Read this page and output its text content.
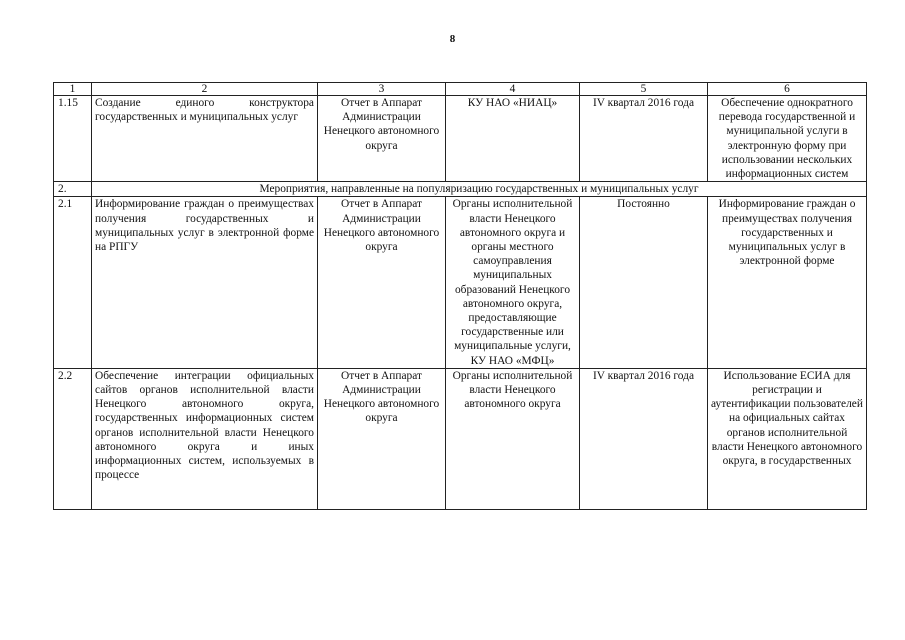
8
1	2	3	4	5	6
1.15	Создание единого конструктора государственных и муниципальных услуг	Отчет в Аппарат Администрации Ненецкого автономного округа	КУ НАО «НИАЦ»	IV квартал 2016 года	Обеспечение однократного перевода государственной и муниципальной услуги в электронную форму при использовании нескольких информационных систем
2.	Мероприятия, направленные на популяризацию государственных и муниципальных услуг				
2.1	Информирование граждан о преимуществах получения государственных и муниципальных услуг в электронной форме на РПГУ	Отчет в Аппарат Администрации Ненецкого автономного округа	Органы исполнительной власти Ненецкого автономного округа и органы местного самоуправления муниципальных образований Ненецкого автономного округа, предоставляющие государственные или муниципальные услуги, КУ НАО «МФЦ»	Постоянно	Информирование граждан о преимуществах получения государственных и муниципальных услуг в электронной форме

2.2	Обеспечение интеграции официальных сайтов органов исполнительной власти Ненецкого автономного округа, государственных информационных систем органов исполнительной власти Ненецкого автономного округа и иных информационных систем, используемых в процессе	Отчет в Аппарат Администрации Ненецкого автономного округа	Органы исполнительной власти Ненецкого автономного округа	IV квартал 2016 года	Использование ЕСИА для регистрации и аутентификации пользователей на официальных сайтах органов исполнительной власти Ненецкого автономного округа, в государственных
